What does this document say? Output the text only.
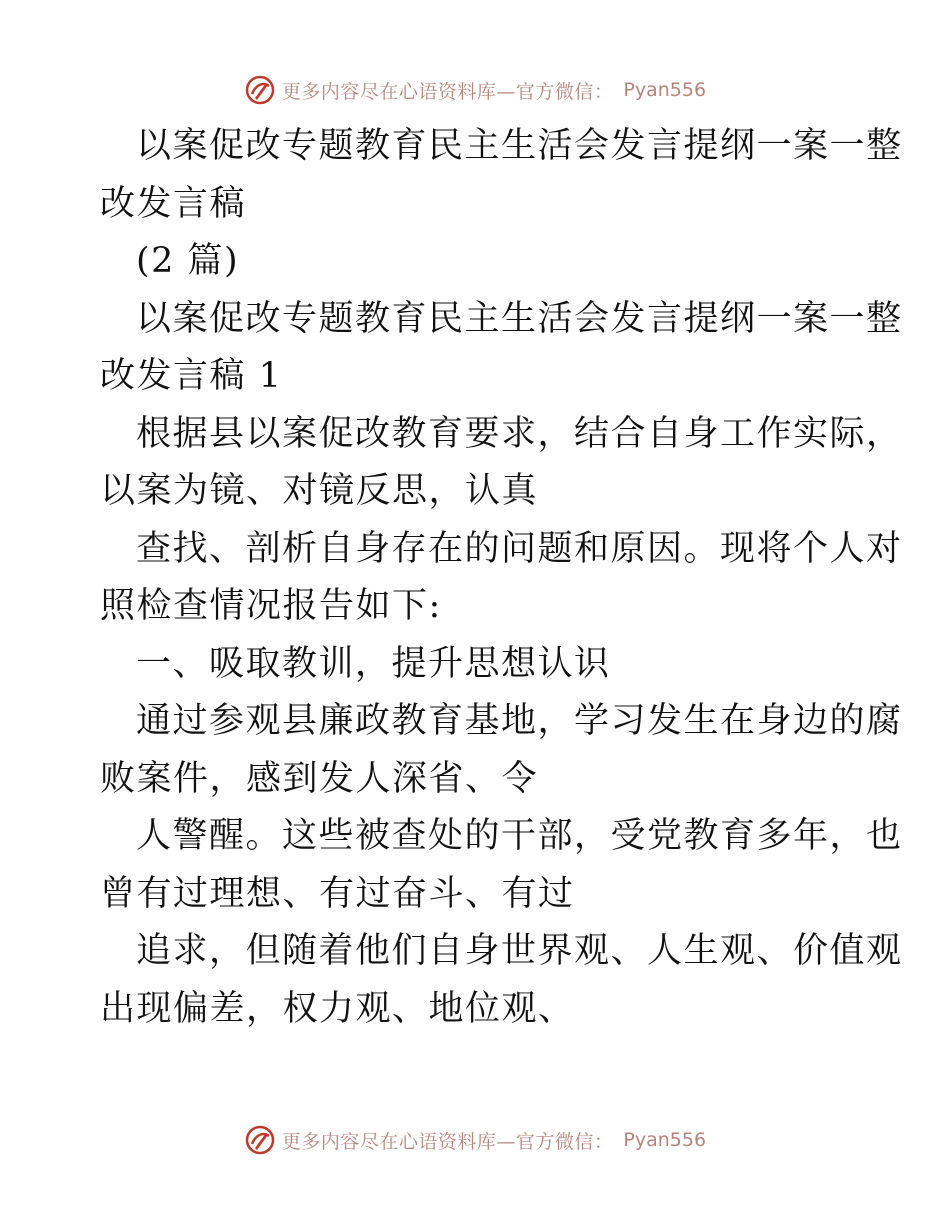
更多内容尽在心语资料库—官方微信： Pyan556
以案促改专题教育民主生活会发言提纲一案一整
改发言稿
(2 篇)
以案促改专题教育民主生活会发言提纲一案一整
改发言稿 1
根据县以案促改教育要求，结合自身工作实际，
以案为镜、对镜反思，认真
查找、剖析自身存在的问题和原因。现将个人对
照检查情况报告如下:
一、吸取教训，提升思想认识
通过参观县廉政教育基地，学习发生在身边的腐
败案件，感到发人深省、令
人警醒。这些被查处的干部，受党教育多年，也
曾有过理想、有过奋斗、有过
追求，但随着他们自身世界观、人生观、价值观
出现偏差，权力观、地位观、
更多内容尽在心语资料库—官方微信： Pyan556
